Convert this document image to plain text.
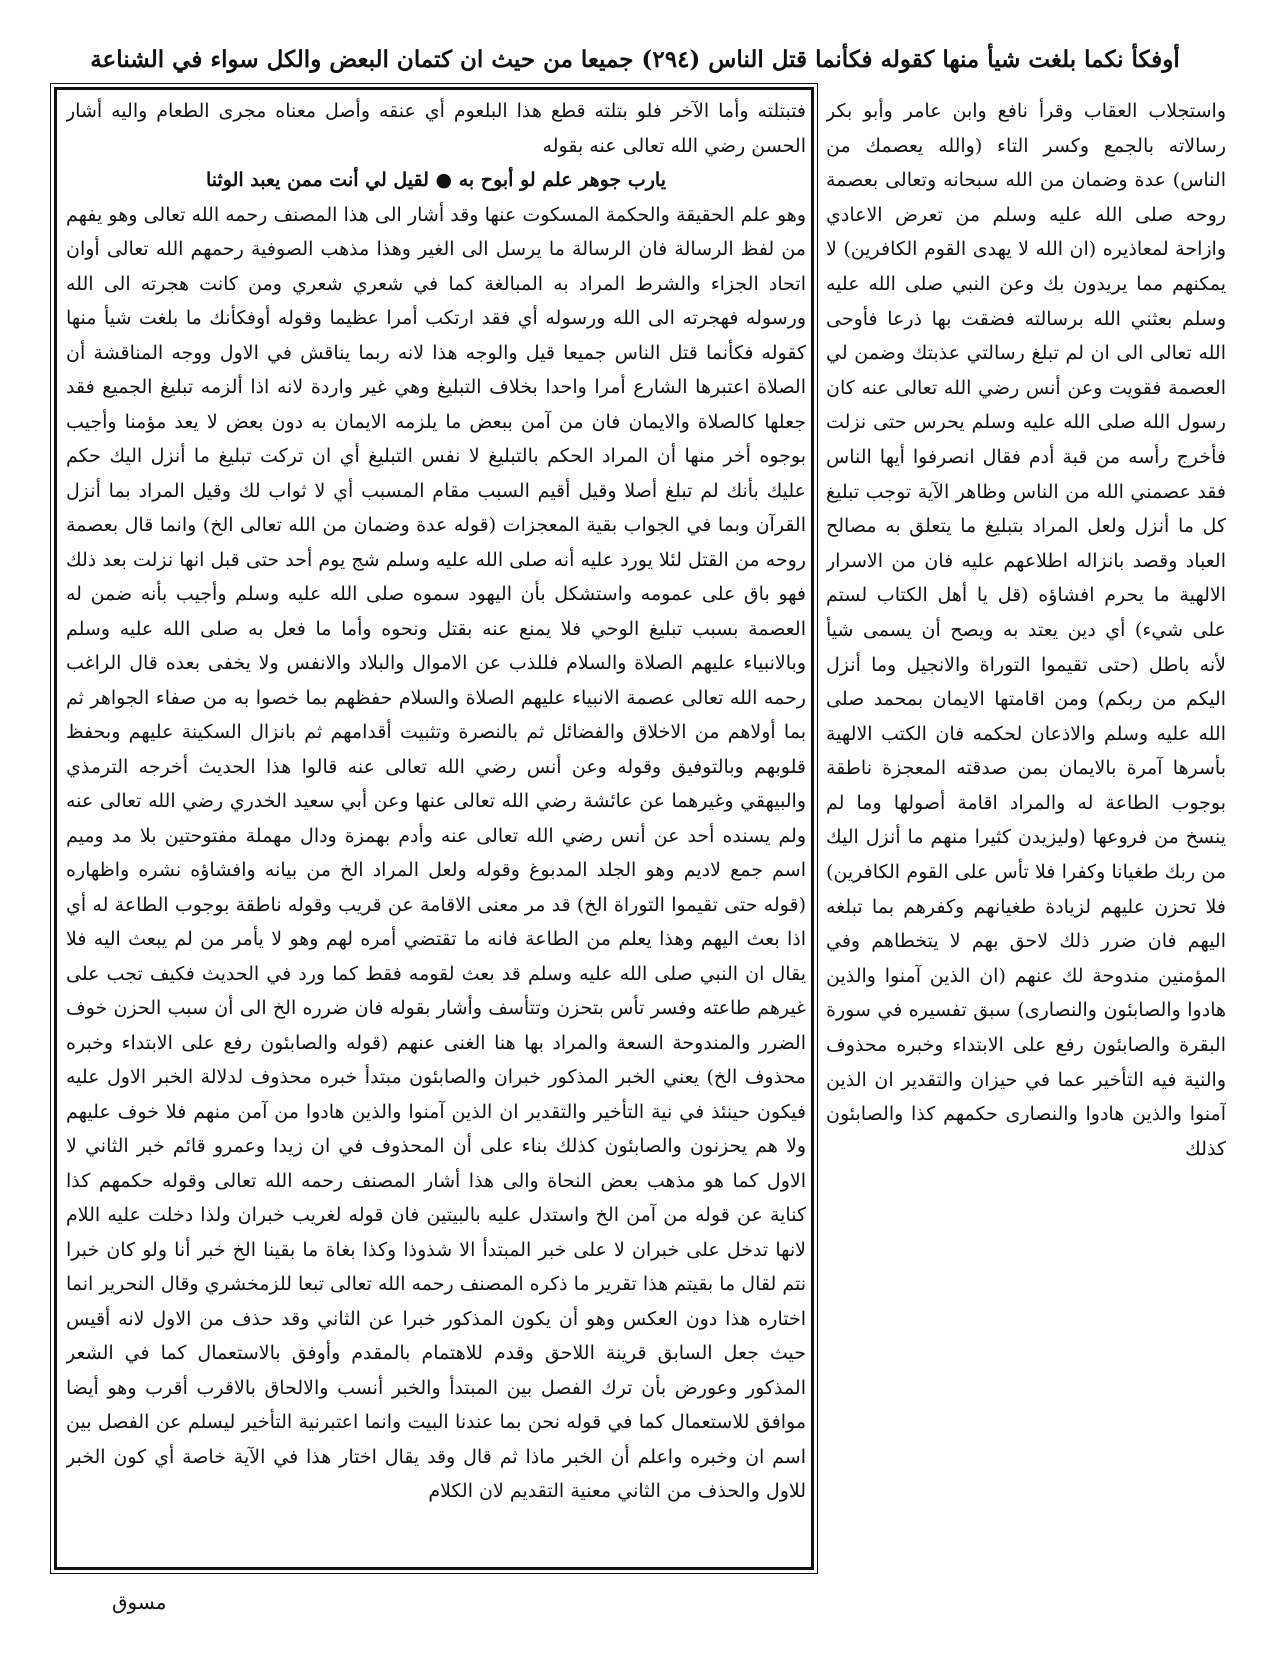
أوفكأ نكما بلغت شيأ منها كقوله فكأنما قتل الناس (٢٩٤) جميعا من حيث ان كتمان البعض والكل سواء في الشناعة

فتبتلته وأما الآخر فلو بتلته قطع هذا البلعوم أي عنقه وأصل معناه مجرى الطعام واليه أشار الحسن رضي الله تعالى عنه بقوله

يارب جوهر علم لو أبوح به ● لقيل لي أنت ممن يعبد الوثنا

وهو علم الحقيقة والحكمة المسكوت عنها وقد أشار الى هذا المصنف رحمه الله تعالى وهو يفهم من لفظ الرسالة فان الرسالة ما يرسل الى الغير وهذا مذهب الصوفية رحمهم الله تعالى أوان اتحاد الجزاء والشرط المراد به المبالغة كما في شعري شعري ومن كانت هجرته الى الله ورسوله فهجرته الى الله ورسوله أي فقد ارتكب أمرا عظيما وقوله أوفكأنك ما بلغت شيأ منها كقوله فكأنما قتل الناس جميعا قيل والوجه هذا لانه ربما يناقش في الاول ووجه المناقشة أن الصلاة اعتبرها الشارع أمرا واحدا بخلاف التبليغ وهي غير واردة لانه اذا ألزمه تبليغ الجميع فقد جعلها كالصلاة والايمان فان من آمن ببعض ما يلزمه الايمان به دون بعض لا يعد مؤمنا وأجيب بوجوه أخر منها أن المراد الحكم بالتبليغ لا نفس التبليغ أي ان تركت تبليغ ما أنزل اليك حكم عليك بأنك لم تبلغ أصلا وقيل أقيم السبب مقام المسبب أي لا ثواب لك وقيل المراد بما أنزل القرآن وبما في الجواب بقية المعجزات (قوله عدة وضمان من الله تعالى الخ) وانما قال بعصمة روحه من القتل لئلا يورد عليه أنه صلى الله عليه وسلم شج يوم أحد حتى قبل انها نزلت بعد ذلك فهو باق على عمومه واستشكل بأن اليهود سموه صلى الله عليه وسلم وأجيب بأنه ضمن له العصمة بسبب تبليغ الوحي فلا يمنع عنه بقتل ونحوه وأما ما فعل به صلى الله عليه وسلم وبالانبياء عليهم الصلاة والسلام فللذب عن الاموال والبلاد والانفس ولا يخفى بعده قال الراغب رحمه الله تعالى عصمة الانبياء عليهم الصلاة والسلام حفظهم بما خصوا به من صفاء الجواهر ثم بما أولاهم من الاخلاق والفضائل ثم بالنصرة وتثبيت أقدامهم ثم بانزال السكينة عليهم وبحفظ قلوبهم وبالتوفيق وقوله وعن أنس رضي الله تعالى عنه قالوا هذا الحديث أخرجه الترمذي والبيهقي وغيرهما عن عائشة رضي الله تعالى عنها وعن أبي سعيد الخدري رضي الله تعالى عنه ولم يسنده أحد عن أنس رضي الله تعالى عنه وأدم بهمزة ودال مهملة مفتوحتين بلا مد وميم اسم جمع لاديم وهو الجلد المدبوغ وقوله ولعل المراد الخ من بيانه وافشاؤه نشره واظهاره (قوله حتى تقيموا التوراة الخ) قد مر معنى الاقامة عن قريب وقوله ناطقة بوجوب الطاعة له أي اذا بعث اليهم وهذا يعلم من الطاعة فانه ما تقتضي أمره لهم وهو لا يأمر من لم يبعث اليه فلا يقال ان النبي صلى الله عليه وسلم قد بعث لقومه فقط كما ورد في الحديث فكيف تجب على غيرهم طاعته وفسر تأس بتحزن وتتأسف وأشار بقوله فان ضرره الخ الى أن سبب الحزن خوف الضرر والمندوحة السعة والمراد بها هنا الغنى عنهم (قوله والصابئون رفع على الابتداء وخبره محذوف الخ) يعني الخبر المذكور خبران والصابئون مبتدأ خبره محذوف لدلالة الخبر الاول عليه فيكون حينئذ في نية التأخير والتقدير ان الذين آمنوا والذين هادوا من آمن منهم فلا خوف عليهم ولا هم يحزنون والصابئون كذلك بناء على أن المحذوف في ان زيدا وعمرو قائم خبر الثاني لا الاول كما هو مذهب بعض النحاة والى هذا أشار المصنف رحمه الله تعالى وقوله حكمهم كذا كناية عن قوله من آمن الخ واستدل عليه بالبيتين فان قوله لغريب خبران ولذا دخلت عليه اللام لانها تدخل على خبران لا على خبر المبتدأ الا شذوذا وكذا بغاة ما بقينا الخ خبر أنا ولو كان خبرا نتم لقال ما بقيتم هذا تقرير ما ذكره المصنف رحمه الله تعالى تبعا للزمخشري وقال النحرير انما اختاره هذا دون العكس وهو أن يكون المذكور خبرا عن الثاني وقد حذف من الاول لانه أقيس حيث جعل السابق قرينة اللاحق وقدم للاهتمام بالمقدم وأوفق بالاستعمال كما في الشعر المذكور وعورض بأن ترك الفصل بين المبتدأ والخبر أنسب والالحاق بالاقرب أقرب وهو أيضا موافق للاستعمال كما في قوله نحن بما عندنا البيت وانما اعتبرنية التأخير ليسلم عن الفصل بين اسم ان وخبره واعلم أن الخبر ماذا ثم قال وقد يقال اختار هذا في الآية خاصة أي كون الخبر للاول والحذف من الثاني معنية التقديم لان الكلام

واستجلاب العقاب وقرأ نافع وابن عامر وأبو بكر رسالاته بالجمع وكسر التاء (والله يعصمك من الناس) عدة وضمان من الله سبحانه وتعالى بعصمة روحه صلى الله عليه وسلم من تعرض الاعادي وازاحة لمعاذيره (ان الله لا يهدى القوم الكافرين) لا يمكنهم مما يريدون بك وعن النبي صلى الله عليه وسلم بعثني الله برسالته فضقت بها ذرعا فأوحى الله تعالى الى ان لم تبلغ رسالتي عذبتك وضمن لي العصمة فقويت وعن أنس رضي الله تعالى عنه كان رسول الله صلى الله عليه وسلم يحرس حتى نزلت فأخرج رأسه من قبة أدم فقال انصرفوا أيها الناس فقد عصمني الله من الناس وظاهر الآية توجب تبليغ كل ما أنزل ولعل المراد بتبليغ ما يتعلق به مصالح العباد وقصد بانزاله اطلاعهم عليه فان من الاسرار الالهية ما يحرم افشاؤه (قل يا أهل الكتاب لستم على شيء) أي دين يعتد به ويصح أن يسمى شيأ لأنه باطل (حتى تقيموا التوراة والانجيل وما أنزل اليكم من ربكم) ومن اقامتها الايمان بمحمد صلى الله عليه وسلم والاذعان لحكمه فان الكتب الالهية بأسرها آمرة بالايمان بمن صدقته المعجزة ناطقة بوجوب الطاعة له والمراد اقامة أصولها وما لم ينسخ من فروعها (وليزيدن كثيرا منهم ما أنزل اليك من ربك طغيانا وكفرا فلا تأس على القوم الكافرين) فلا تحزن عليهم لزيادة طغيانهم وكفرهم بما تبلغه اليهم فان ضرر ذلك لاحق بهم لا يتخطاهم وفي المؤمنين مندوحة لك عنهم (ان الذين آمنوا والذين هادوا والصابئون والنصارى) سبق تفسيره في سورة البقرة والصابئون رفع على الابتداء وخبره محذوف والنية فيه التأخير عما في حيزان والتقدير ان الذين آمنوا والذين هادوا والنصارى حكمهم كذا والصابئون كذلك

مسوق
